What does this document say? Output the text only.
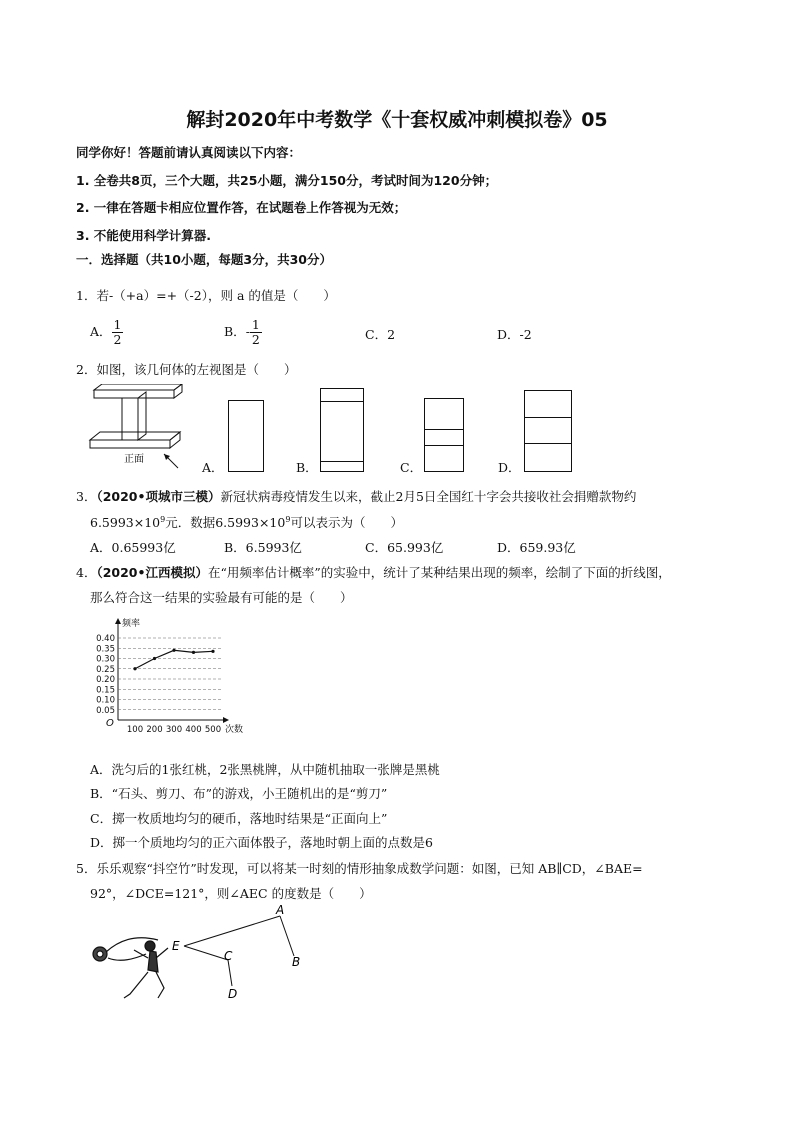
解封2020年中考数学《十套权威冲刺模拟卷》05
同学你好！答题前请认真阅读以下内容：
1. 全卷共8页，三个大题，共25小题，满分150分，考试时间为120分钟；
2. 一律在答题卡相应位置作答，在试题卷上作答视为无效；
3. 不能使用科学计算器.
一．选择题（共10小题，每题3分，共30分）
1．若-（+a）=+（-2），则 a 的值是（　　）
A． $\frac{1}{2}$	B．- $\frac{1}{2}$	C．2	D．-2
2．如图，该几何体的左视图是（　　）
正面
A．	B．	C．	D．
3．（2020•项城市三模）新冠状病毒疫情发生以来，截止2月5日全国红十字会共接收社会捐赠款物约
$6.5993\times 10^9$元．数据$6.5993\times 10^9$可以表示为（　　）
A．0.65993亿	B．6.5993亿	C．65.993亿	D．659.93亿
4．（2020•江西模拟）在“用频率估计概率”的实验中，统计了某种结果出现的频率，绘制了下面的折线图，
那么符合这一结果的实验最有可能的是（　　）
0.05
0.10
0.15
0.20
0.25
0.30
0.35
0.40
100 200 300 400 500
频率
次数
O
A．洗匀后的1张红桃，2张黑桃牌，从中随机抽取一张牌是黑桃
B．“石头、剪刀、布”的游戏，小王随机出的是“剪刀”
C．掷一枚质地均匀的硬币，落地时结果是“正面向上”
D．掷一个质地均匀的正六面体骰子，落地时朝上面的点数是6
5．乐乐观察“抖空竹”时发现，可以将某一时刻的情形抽象成数学问题：如图，已知 AB∥CD，∠BAE=
92°，∠DCE=121°，则∠AEC 的度数是（　　）
A
B
C
D
E
